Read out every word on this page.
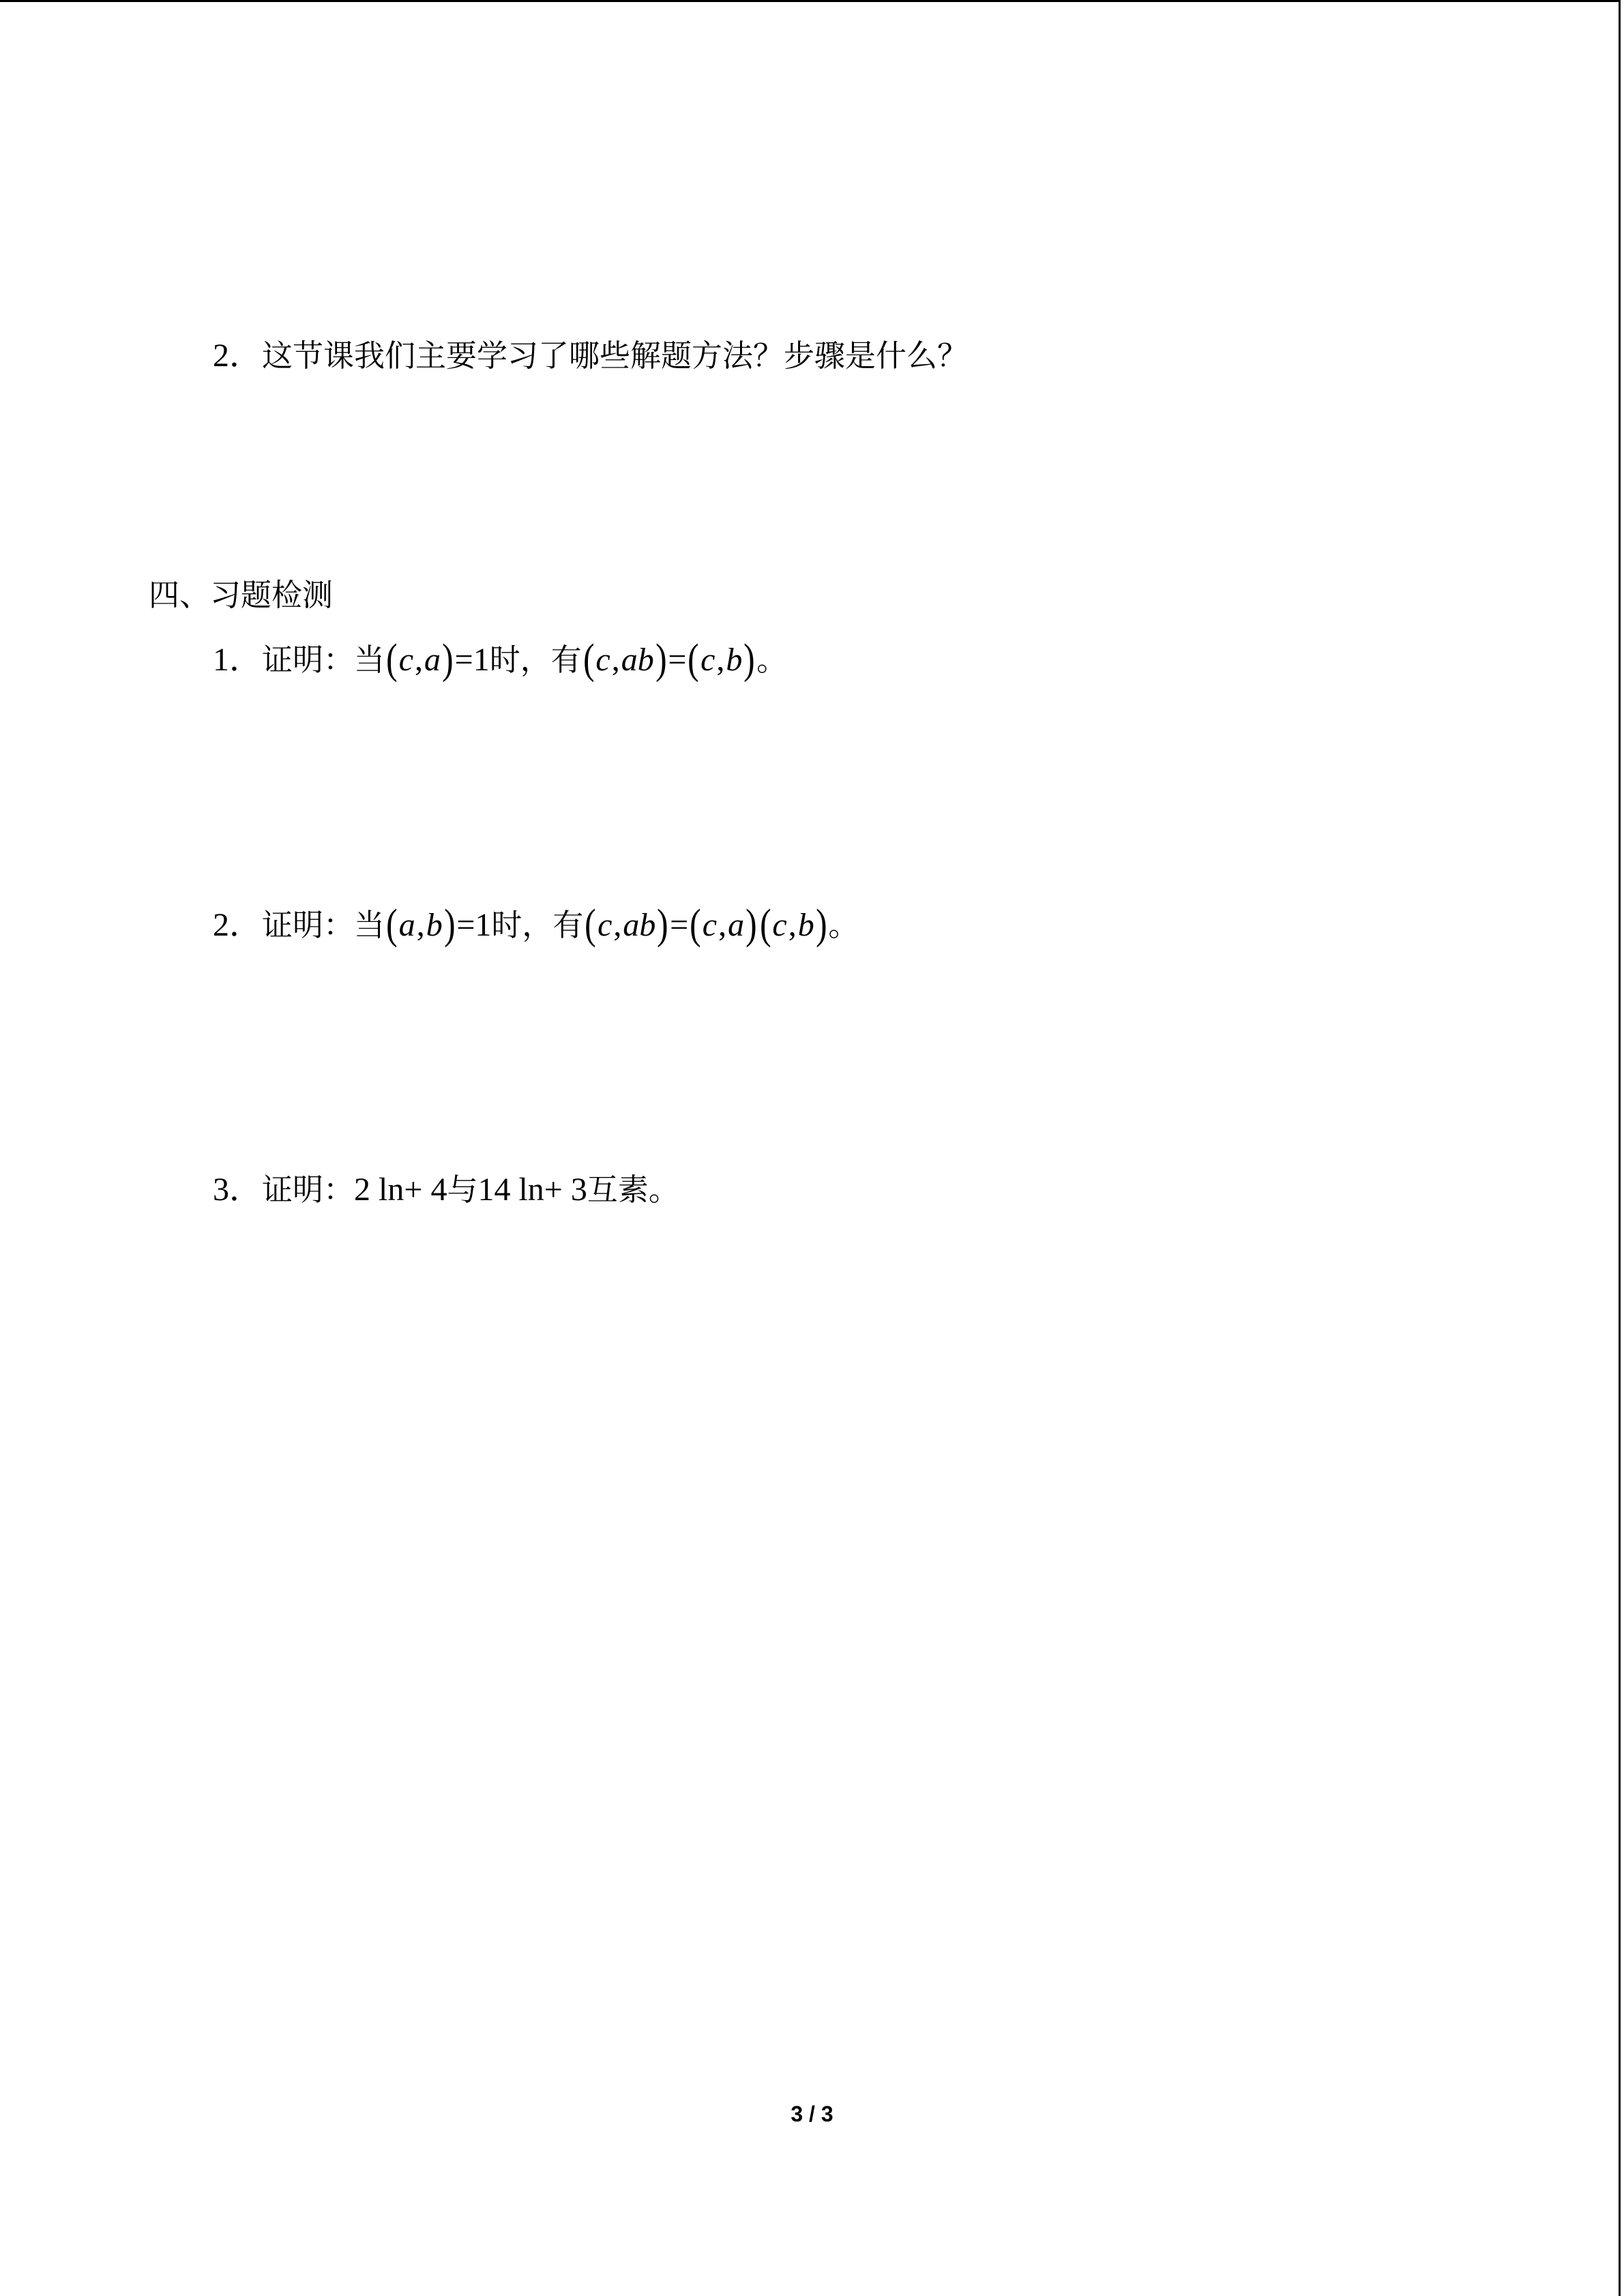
2．这节课我们主要学习了哪些解题方法？步骤是什么？
四、习题检测
1．证明：当(c,a)=1时，有(c,ab)=(c,b)。
2．证明：当(a,b)=1时，有(c,ab)=(c,a)(c,b)。
3．证明：2 ln+ 4与14 ln+ 3互素。
3 / 3
